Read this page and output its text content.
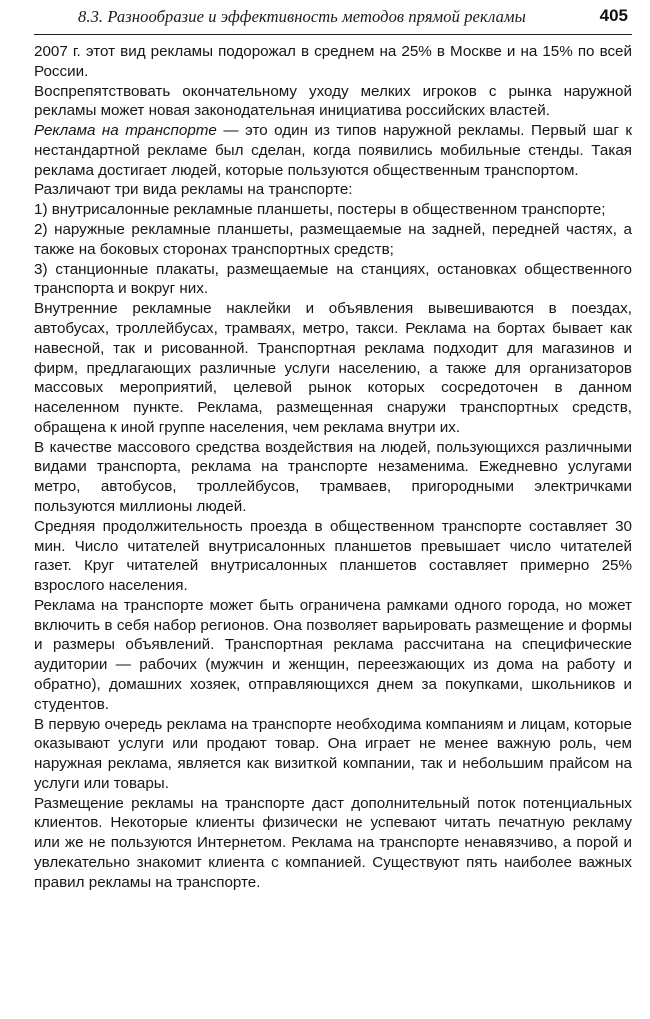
8.3. Разнообразие и эффективность методов прямой рекламы	405

2007 г. этот вид рекламы подорожал в среднем на 25% в Москве и на 15% по всей России.

Воспрепятствовать окончательному уходу мелких игроков с рынка наружной рекламы может новая законодательная инициатива российских властей.

Реклама на транспорте — это один из типов наружной рекламы. Первый шаг к нестандартной рекламе был сделан, когда появились мобильные стенды. Такая реклама достигает людей, которые пользуются общественным транспортом.

Различают три вида рекламы на транспорте:

1) внутрисалонные рекламные планшеты, постеры в общественном транспорте;

2) наружные рекламные планшеты, размещаемые на задней, передней частях, а также на боковых сторонах транспортных средств;

3) станционные плакаты, размещаемые на станциях, остановках общественного транспорта и вокруг них.

Внутренние рекламные наклейки и объявления вывешиваются в поездах, автобусах, троллейбусах, трамваях, метро, такси. Реклама на бортах бывает как навесной, так и рисованной. Транспортная реклама подходит для магазинов и фирм, предлагающих различные услуги населению, а также для организаторов массовых мероприятий, целевой рынок которых сосредоточен в данном населенном пункте. Реклама, размещенная снаружи транспортных средств, обращена к иной группе населения, чем реклама внутри их.

В качестве массового средства воздействия на людей, пользующихся различными видами транспорта, реклама на транспорте незаменима. Ежедневно услугами метро, автобусов, троллейбусов, трамваев, пригородными электричками пользуются миллионы людей.

Средняя продолжительность проезда в общественном транспорте составляет 30 мин. Число читателей внутрисалонных планшетов превышает число читателей газет. Круг читателей внутрисалонных планшетов составляет примерно 25% взрослого населения.

Реклама на транспорте может быть ограничена рамками одного города, но может включить в себя набор регионов. Она позволяет варьировать размещение и формы и размеры объявлений. Транспортная реклама рассчитана на специфические аудитории — рабочих (мужчин и женщин, переезжающих из дома на работу и обратно), домашних хозяек, отправляющихся днем за покупками, школьников и студентов.

В первую очередь реклама на транспорте необходима компаниям и лицам, которые оказывают услуги или продают товар. Она играет не менее важную роль, чем наружная реклама, является как визиткой компании, так и небольшим прайсом на услуги или товары.

Размещение рекламы на транспорте даст дополнительный поток потенциальных клиентов. Некоторые клиенты физически не успевают читать печатную рекламу или же не пользуются Интернетом. Реклама на транспорте ненавязчиво, а порой и увлекательно знакомит клиента с компанией. Существуют пять наиболее важных правил рекламы на транспорте.
